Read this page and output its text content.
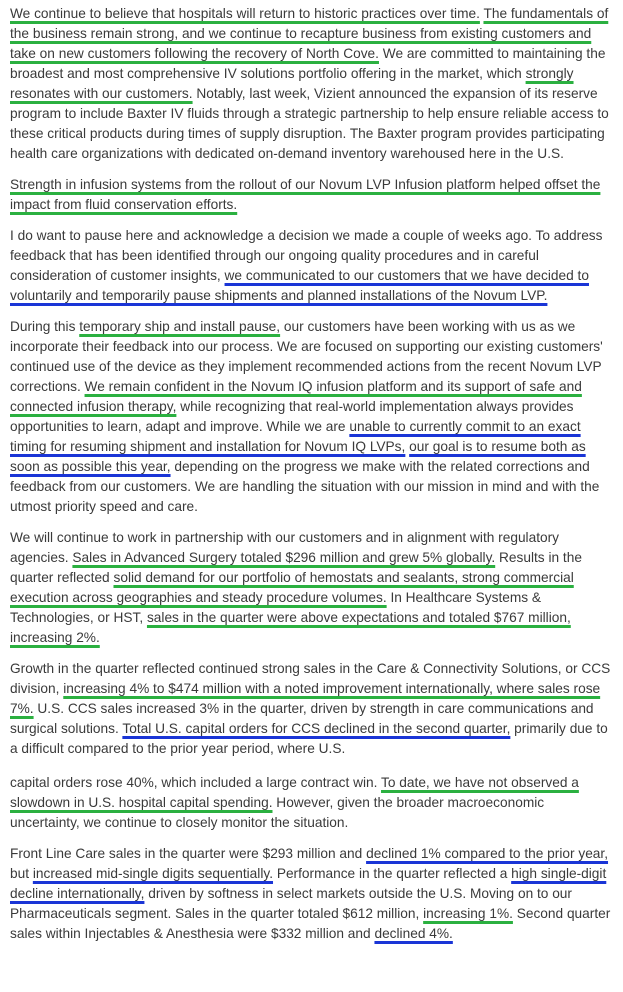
We continue to believe that hospitals will return to historic practices over time. The fundamentals of the business remain strong, and we continue to recapture business from existing customers and take on new customers following the recovery of North Cove. We are committed to maintaining the broadest and most comprehensive IV solutions portfolio offering in the market, which strongly resonates with our customers. Notably, last week, Vizient announced the expansion of its reserve program to include Baxter IV fluids through a strategic partnership to help ensure reliable access to these critical products during times of supply disruption. The Baxter program provides participating health care organizations with dedicated on-demand inventory warehoused here in the U.S.

Strength in infusion systems from the rollout of our Novum LVP Infusion platform helped offset the impact from fluid conservation efforts.

I do want to pause here and acknowledge a decision we made a couple of weeks ago. To address feedback that has been identified through our ongoing quality procedures and in careful consideration of customer insights, we communicated to our customers that we have decided to voluntarily and temporarily pause shipments and planned installations of the Novum LVP.

During this temporary ship and install pause, our customers have been working with us as we incorporate their feedback into our process. We are focused on supporting our existing customers' continued use of the device as they implement recommended actions from the recent Novum LVP corrections. We remain confident in the Novum IQ infusion platform and its support of safe and connected infusion therapy, while recognizing that real-world implementation always provides opportunities to learn, adapt and improve. While we are unable to currently commit to an exact timing for resuming shipment and installation for Novum IQ LVPs, our goal is to resume both as soon as possible this year, depending on the progress we make with the related corrections and feedback from our customers. We are handling the situation with our mission in mind and with the utmost priority speed and care.

We will continue to work in partnership with our customers and in alignment with regulatory agencies. Sales in Advanced Surgery totaled $296 million and grew 5% globally. Results in the quarter reflected solid demand for our portfolio of hemostats and sealants, strong commercial execution across geographies and steady procedure volumes. In Healthcare Systems & Technologies, or HST, sales in the quarter were above expectations and totaled $767 million, increasing 2%.

Growth in the quarter reflected continued strong sales in the Care & Connectivity Solutions, or CCS division, increasing 4% to $474 million with a noted improvement internationally, where sales rose 7%. U.S. CCS sales increased 3% in the quarter, driven by strength in care communications and surgical solutions. Total U.S. capital orders for CCS declined in the second quarter, primarily due to a difficult compared to the prior year period, where U.S.

capital orders rose 40%, which included a large contract win. To date, we have not observed a slowdown in U.S. hospital capital spending. However, given the broader macroeconomic uncertainty, we continue to closely monitor the situation.

Front Line Care sales in the quarter were $293 million and declined 1% compared to the prior year, but increased mid-single digits sequentially. Performance in the quarter reflected a high single-digit decline internationally, driven by softness in select markets outside the U.S. Moving on to our Pharmaceuticals segment. Sales in the quarter totaled $612 million, increasing 1%. Second quarter sales within Injectables & Anesthesia were $332 million and declined 4%.
